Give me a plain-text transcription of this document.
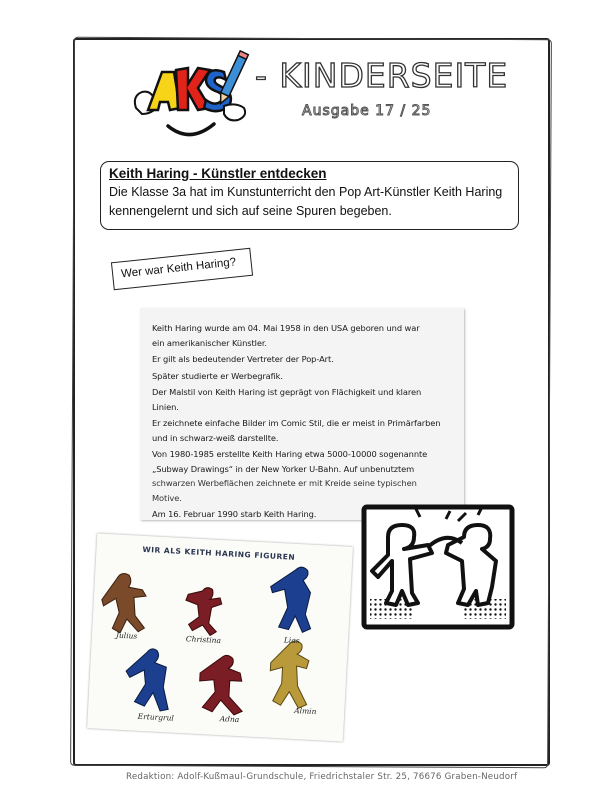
- KINDERSEITE
Ausgabe 17 / 25
Keith Haring - Künstler entdecken
Die Klasse 3a hat im Kunstunterricht den Pop Art-Künstler Keith Haring
kennengelernt und sich auf seine Spuren begeben.
Wer war Keith Haring?
Keith Haring wurde am 04. Mai 1958 in den USA geboren und war
ein amerikanischer Künstler.
Er gilt als bedeutender Vertreter der Pop-Art.
Später studierte er Werbegrafik.
Der Malstil von Keith Haring ist geprägt von Flächigkeit und klaren
Linien.
Er zeichnete einfache Bilder im Comic Stil, die er meist in Primärfarben
und in schwarz-weiß darstellte.
Von 1980-1985 erstellte Keith Haring etwa 5000-10000 sogenannte
„Subway Drawings“ in der New Yorker U-Bahn. Auf unbenutztem
schwarzen Werbeflächen zeichnete er mit Kreide seine typischen
Motive.
Am 16. Februar 1990 starb Keith Haring.
WIR ALS KEITH HARING FIGUREN
Julius	Christina	Lias
Erturgrul	Adna
Almin
Redaktion: Adolf-Kußmaul-Grundschule, Friedrichstaler Str. 25, 76676 Graben-Neudorf
